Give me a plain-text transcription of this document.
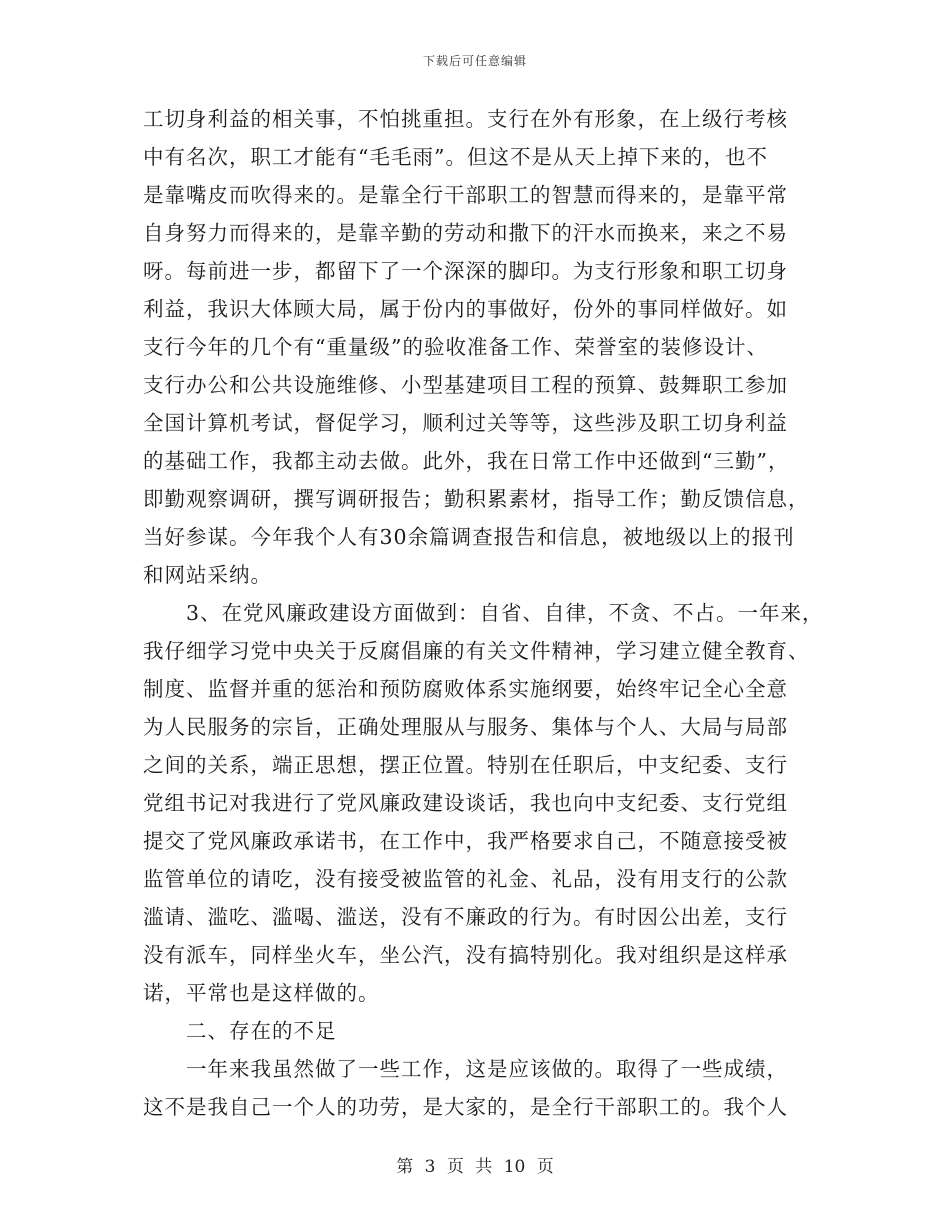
下载后可任意编辑
工切身利益的相关事，不怕挑重担。支行在外有形象，在上级行考核
中有名次，职工才能有“毛毛雨”。但这不是从天上掉下来的，也不
是靠嘴皮而吹得来的。是靠全行干部职工的智慧而得来的，是靠平常
自身努力而得来的，是靠辛勤的劳动和撒下的汗水而换来，来之不易
呀。每前进一步，都留下了一个深深的脚印。为支行形象和职工切身
利益，我识大体顾大局，属于份内的事做好，份外的事同样做好。如
支行今年的几个有“重量级”的验收准备工作、荣誉室的装修设计、
支行办公和公共设施维修、小型基建项目工程的预算、鼓舞职工参加
全国计算机考试，督促学习，顺利过关等等，这些涉及职工切身利益
的基础工作，我都主动去做。此外，我在日常工作中还做到“三勤”，
即勤观察调研，撰写调研报告；勤积累素材，指导工作；勤反馈信息，
当好参谋。今年我个人有30余篇调查报告和信息，被地级以上的报刊
和网站采纳。
　　3、在党风廉政建设方面做到：自省、自律，不贪、不占。一年来，
我仔细学习党中央关于反腐倡廉的有关文件精神，学习建立健全教育、
制度、监督并重的惩治和预防腐败体系实施纲要，始终牢记全心全意
为人民服务的宗旨，正确处理服从与服务、集体与个人、大局与局部
之间的关系，端正思想，摆正位置。特别在任职后，中支纪委、支行
党组书记对我进行了党风廉政建设谈话，我也向中支纪委、支行党组
提交了党风廉政承诺书，在工作中，我严格要求自己，不随意接受被
监管单位的请吃，没有接受被监管的礼金、礼品，没有用支行的公款
滥请、滥吃、滥喝、滥送，没有不廉政的行为。有时因公出差，支行
没有派车，同样坐火车，坐公汽，没有搞特别化。我对组织是这样承
诺，平常也是这样做的。
　　二、存在的不足
　　一年来我虽然做了一些工作，这是应该做的。取得了一些成绩，
这不是我自己一个人的功劳，是大家的，是全行干部职工的。我个人
第 3 页 共 10 页
